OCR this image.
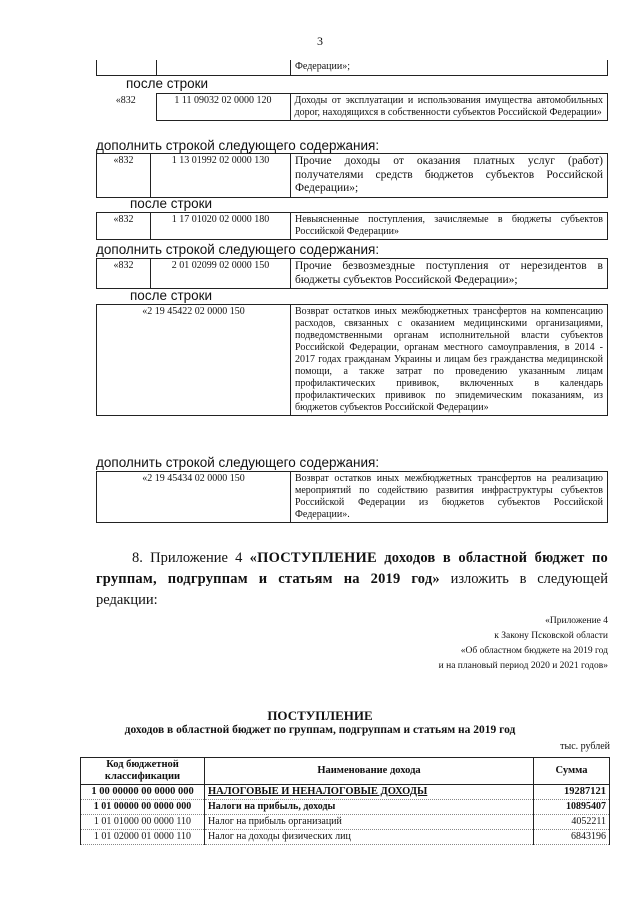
3
		Федерации»;
после строки
«832	1 11 09032 02 0000 120	Доходы от эксплуатации и использования имущества автомобильных дорог, находящихся в собственности субъектов Российской Федерации»
дополнить строкой следующего содержания:
«832	1 13 01992 02 0000 130	Прочие доходы от оказания платных услуг (работ) получателями средств бюджетов субъектов Российской Федерации»;
после строки
«832	1 17 01020 02 0000 180	Невыясненные поступления, зачисляемые в бюджеты субъектов Российской Федерации»
дополнить строкой следующего содержания:
«832	2 01 02099 02 0000 150	Прочие безвозмездные поступления от нерезидентов в бюджеты субъектов Российской Федерации»;
после строки
«2 19 45422 02 0000 150	Возврат остатков иных межбюджетных трансфертов на компенсацию расходов, связанных с оказанием медицинскими организациями, подведомственными органам исполнительной власти субъектов Российской Федерации, органам местного самоуправления, в 2014 - 2017 годах гражданам Украины и лицам без гражданства медицинской помощи, а также затрат по проведению указанным лицам профилактических прививок, включенных в календарь профилактических прививок по эпидемическим показаниям, из бюджетов субъектов Российской Федерации»
дополнить строкой следующего содержания:
«2 19 45434 02 0000 150	Возврат остатков иных межбюджетных трансфертов на реализацию мероприятий по содействию развития инфраструктуры субъектов Российской Федерации из бюджетов субъектов Российской Федерации».
8. Приложение 4 «ПОСТУПЛЕНИЕ доходов в областной бюджет по группам, подгруппам и статьям на 2019 год» изложить в следующей редакции:
«Приложение 4
к Закону Псковской области
«Об областном бюджете на 2019 год
и на плановый период 2020 и 2021 годов»
ПОСТУПЛЕНИЕ
доходов в областной бюджет по группам, подгруппам и статьям на 2019 год
тыс. рублей
Код бюджетной классификации	Наименование дохода	Сумма
1 00 00000 00 0000 000	НАЛОГОВЫЕ И НЕНАЛОГОВЫЕ ДОХОДЫ	19287121
1 01 00000 00 0000 000	Налоги на прибыль, доходы	10895407
1 01 01000 00 0000 110	Налог на прибыль организаций	4052211
1 01 02000 01 0000 110	Налог на доходы физических лиц	6843196
